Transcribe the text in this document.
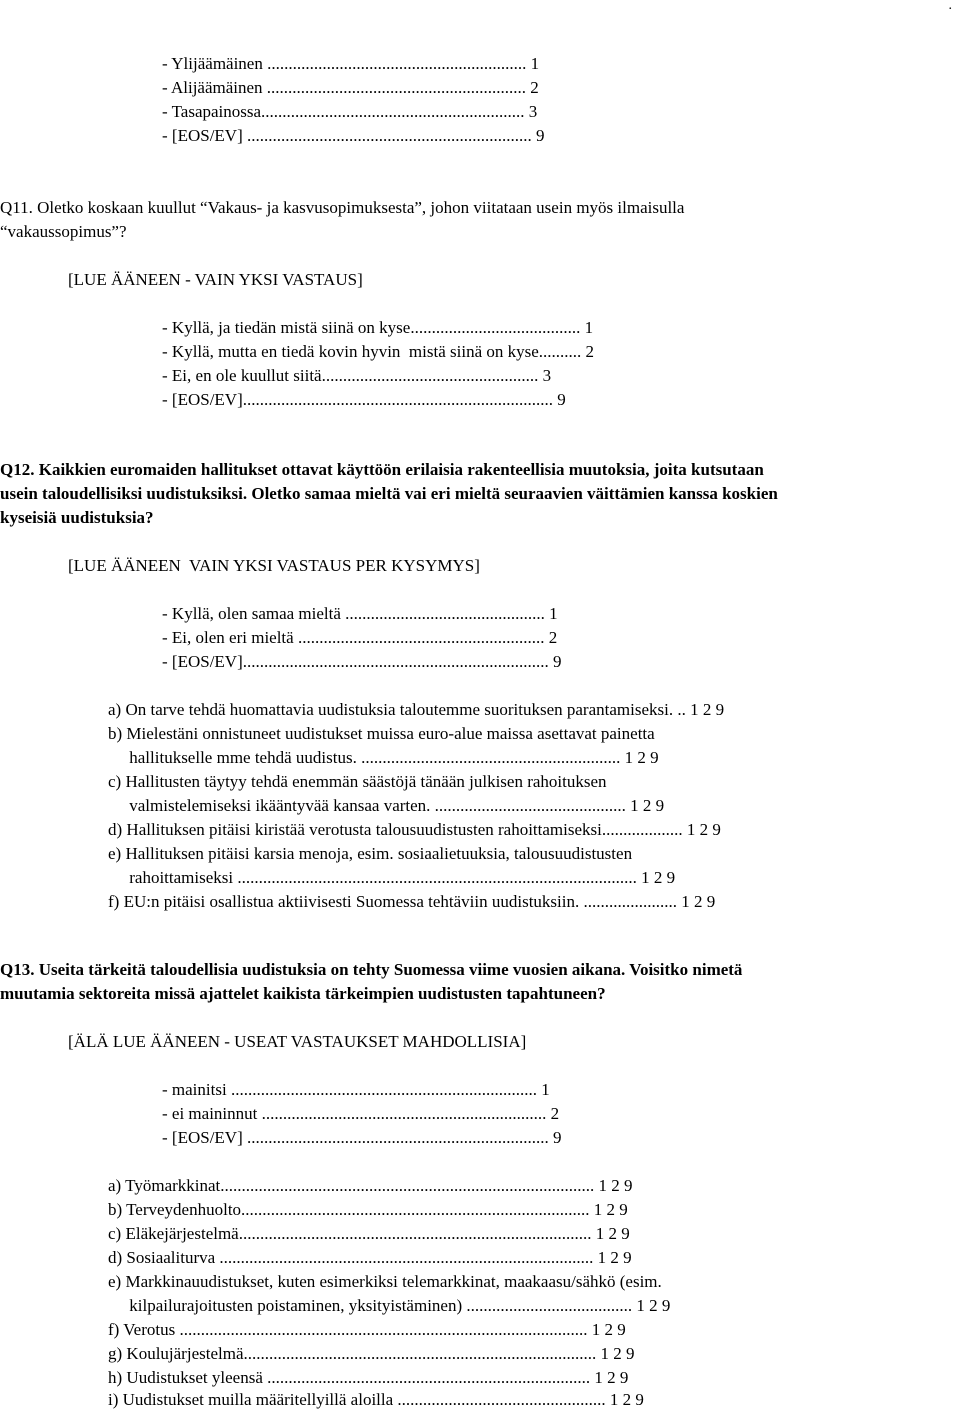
.
- Ylijäämäinen ............................................................. 1
- Alijäämäinen ............................................................. 2
- Tasapainossa.............................................................. 3
- [EOS/EV] ................................................................... 9
Q11. Oletko koskaan kuullut “Vakaus- ja kasvusopimuksesta”, johon viitataan usein myös ilmaisulla
“vakaussopimus”?
[LUE ÄÄNEEN - VAIN YKSI VASTAUS]
- Kyllä, ja tiedän mistä siinä on kyse........................................ 1
- Kyllä, mutta en tiedä kovin hyvin  mistä siinä on kyse.......... 2
- Ei, en ole kuullut siitä................................................... 3
- [EOS/EV]......................................................................... 9
Q12. Kaikkien euromaiden hallitukset ottavat käyttöön erilaisia rakenteellisia muutoksia, joita kutsutaan
usein taloudellisiksi uudistuksiksi. Oletko samaa mieltä vai eri mieltä seuraavien väittämien kanssa koskien
kyseisiä uudistuksia?
[LUE ÄÄNEEN  VAIN YKSI VASTAUS PER KYSYMYS]
- Kyllä, olen samaa mieltä ............................................... 1
- Ei, olen eri mieltä .......................................................... 2
- [EOS/EV]........................................................................ 9
a) On tarve tehdä huomattavia uudistuksia taloutemme suorituksen parantamiseksi. .. 1 2 9
b) Mielestäni onnistuneet uudistukset muissa euro-alue maissa asettavat painetta
hallitukselle mme tehdä uudistus. ............................................................. 1 2 9
c) Hallitusten täytyy tehdä enemmän säästöjä tänään julkisen rahoituksen
valmistelemiseksi ikääntyvää kansaa varten. ............................................. 1 2 9
d) Hallituksen pitäisi kiristää verotusta talousuudistusten rahoittamiseksi................... 1 2 9
e) Hallituksen pitäisi karsia menoja, esim. sosiaalietuuksia, talousuudistusten
rahoittamiseksi .............................................................................................. 1 2 9
f) EU:n pitäisi osallistua aktiivisesti Suomessa tehtäviin uudistuksiin. ...................... 1 2 9
Q13. Useita tärkeitä taloudellisia uudistuksia on tehty Suomessa viime vuosien aikana. Voisitko nimetä
muutamia sektoreita missä ajattelet kaikista tärkeimpien uudistusten tapahtuneen?
[ÄLÄ LUE ÄÄNEEN - USEAT VASTAUKSET MAHDOLLISIA]
- mainitsi ........................................................................ 1
- ei maininnut ................................................................... 2
- [EOS/EV] ....................................................................... 9
a) Työmarkkinat........................................................................................ 1 2 9
b) Terveydenhuolto.................................................................................. 1 2 9
c) Eläkejärjestelmä................................................................................... 1 2 9
d) Sosiaaliturva ........................................................................................ 1 2 9
e) Markkinauudistukset, kuten esimerkiksi telemarkkinat, maakaasu/sähkö (esim.
kilpailurajoitusten poistaminen, yksityistäminen) ....................................... 1 2 9
f) Verotus ................................................................................................ 1 2 9
g) Koulujärjestelmä................................................................................... 1 2 9
h) Uudistukset yleensä ............................................................................ 1 2 9
i) Uudistukset muilla määritellyillä aloilla ................................................. 1 2 9
